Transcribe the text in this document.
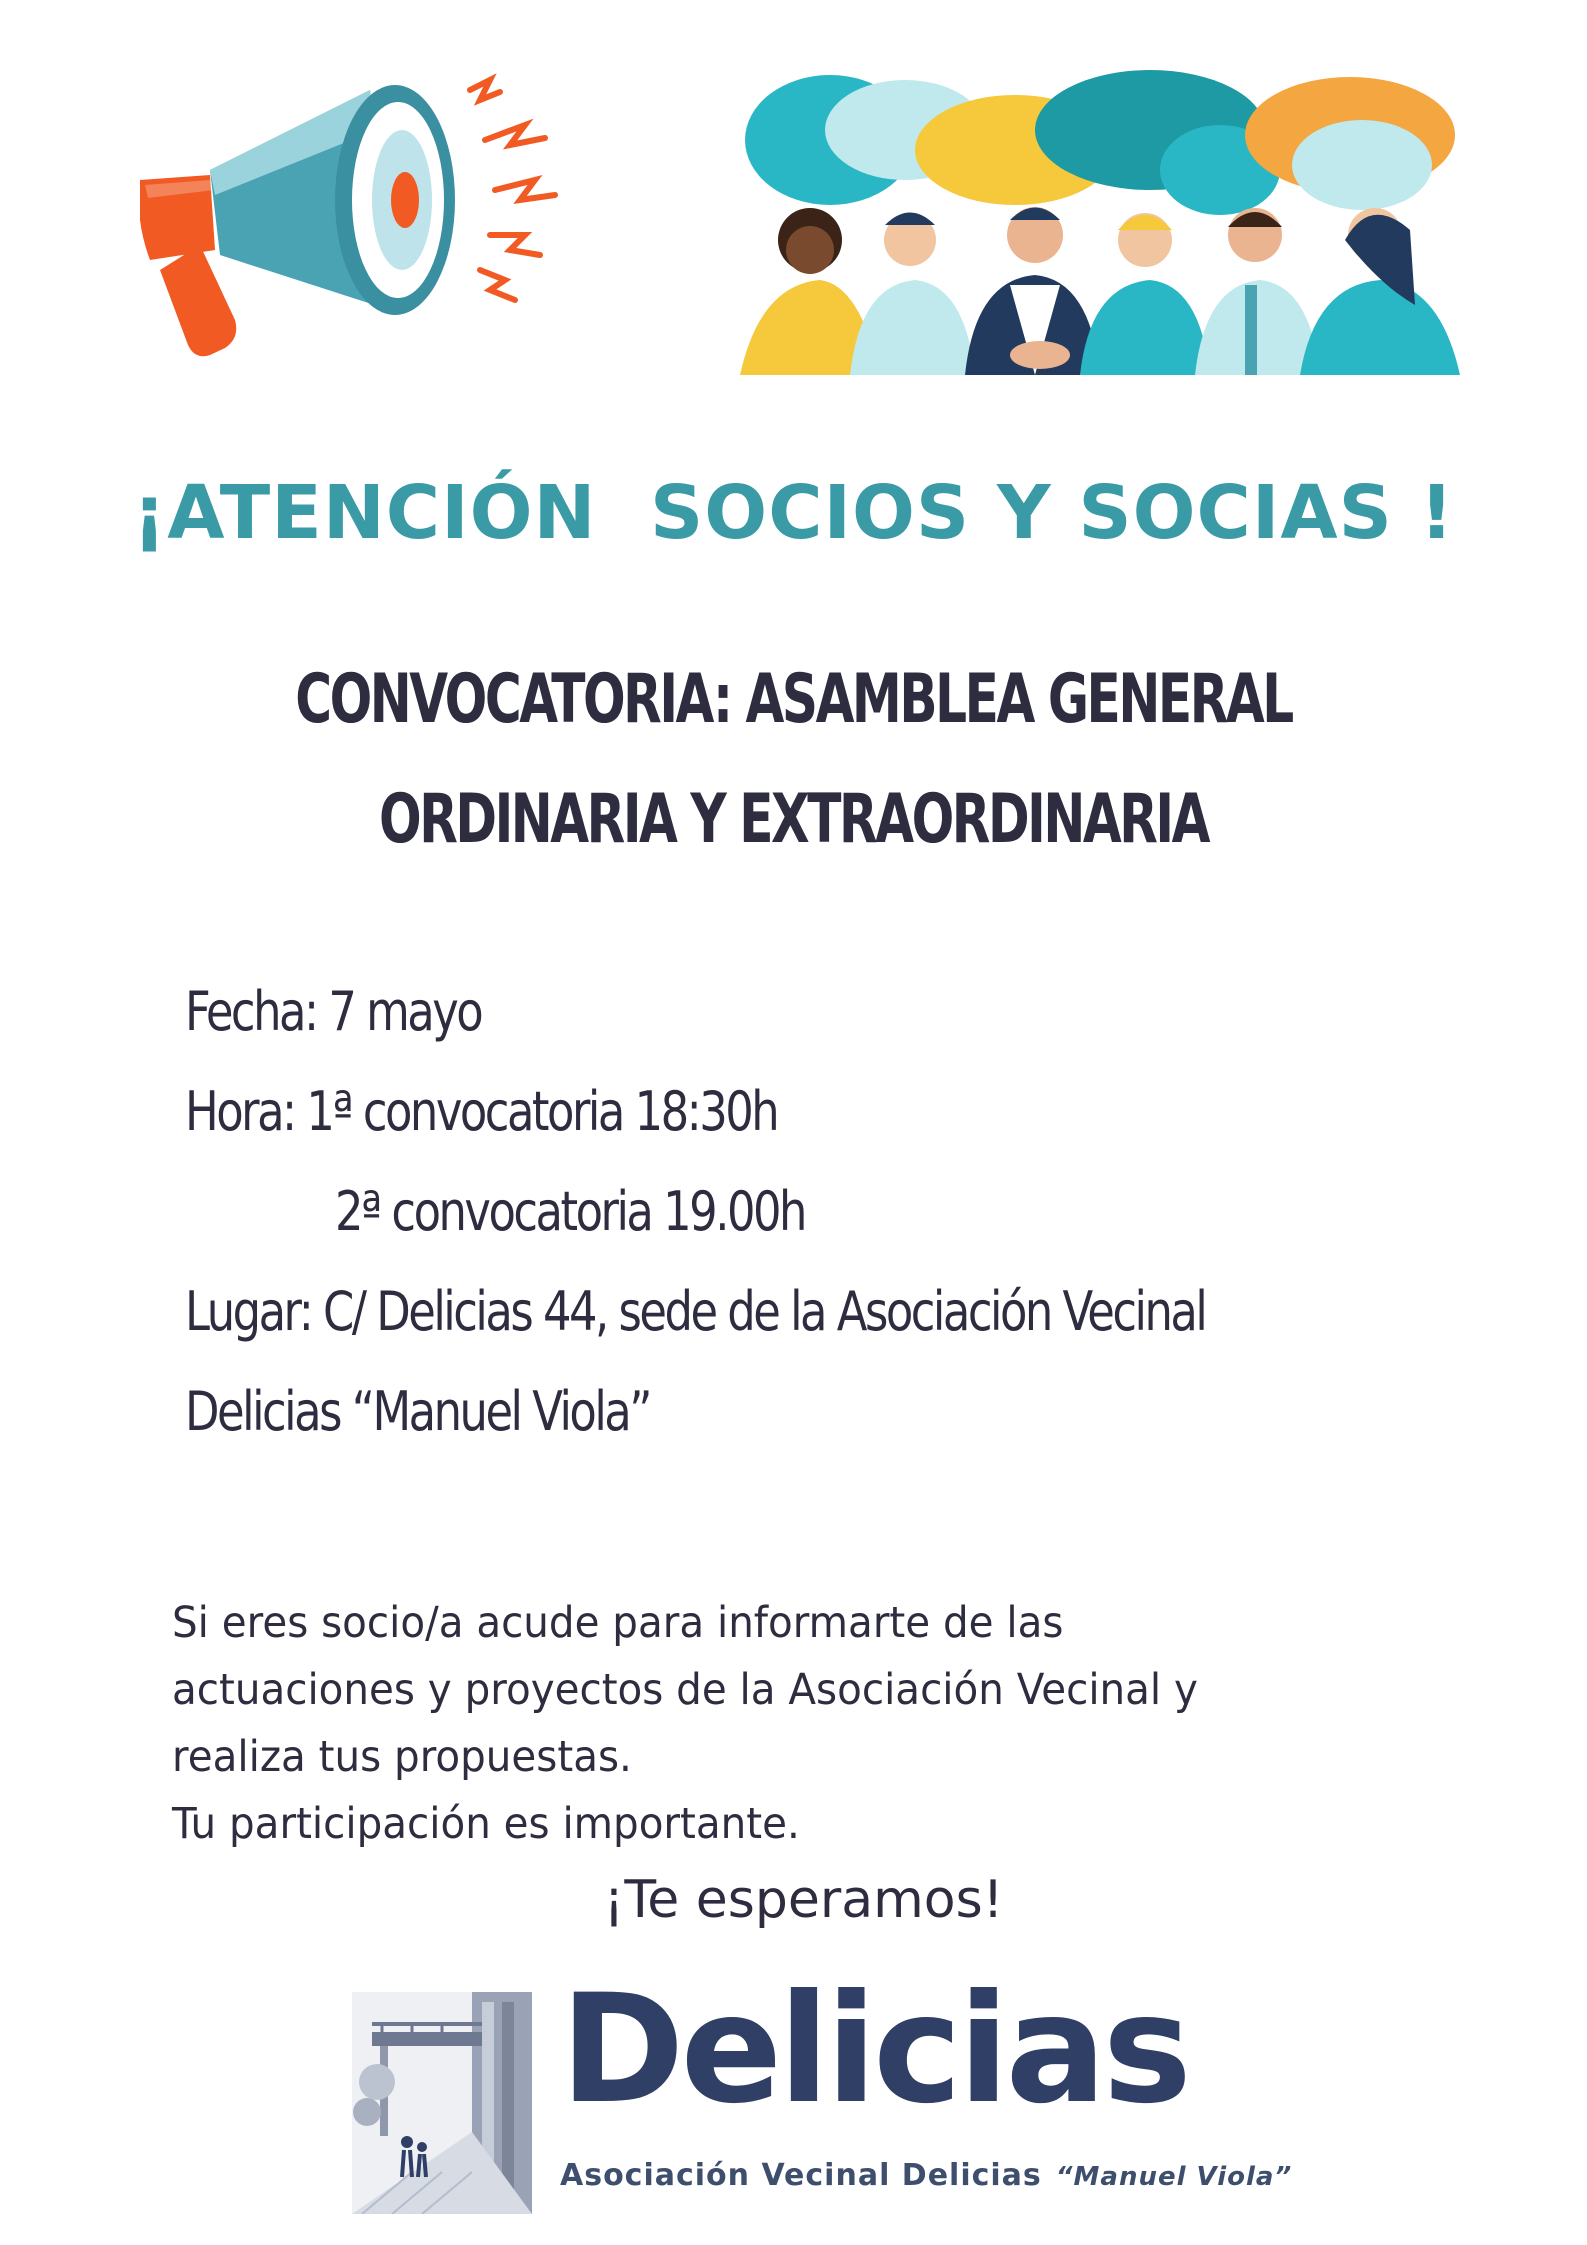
¡ATENCIÓN SOCIOS Y SOCIAS !
CONVOCATORIA: ASAMBLEA GENERAL
ORDINARIA Y EXTRAORDINARIA
Fecha: 7 mayo
Hora: 1ª convocatoria 18:30h
2ª convocatoria 19.00h
Lugar: C/ Delicias 44, sede de la Asociación Vecinal
Delicias “Manuel Viola”
Si eres socio/a acude para informarte de las
actuaciones y proyectos de la Asociación Vecinal y
realiza tus propuestas.
Tu participación es importante.
¡Te esperamos!
Delicias
Asociación Vecinal Delicias “Manuel Viola”
